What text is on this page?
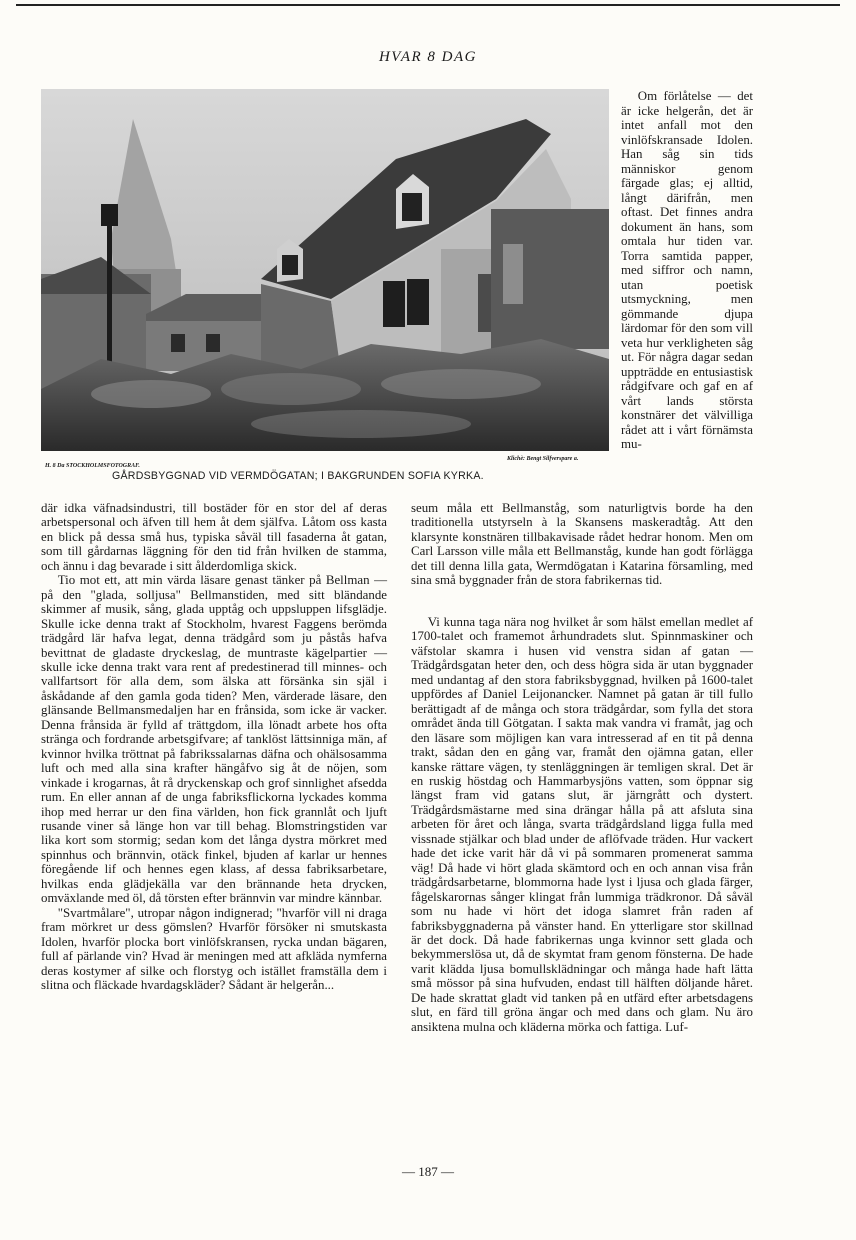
HVAR 8 DAG
H. 8 Da STOCKHOLMSFOTOGRAF.
Klichè: Bengt Silfverspare a.
GÅRDSBYGGNAD VID VERMDÖGATAN; I BAKGRUNDEN SOFIA KYRKA.

Om förlåtelse — det är icke helgerån, det är intet anfall mot den vinlöfskransade Idolen. Han såg sin tids människor genom färgade glas; ej alltid, långt därifrån, men oftast. Det finnes andra dokument än hans, som omtala hur tiden var. Torra samtida papper, med siffror och namn, utan poetisk utsmyckning, men gömmande djupa lärdomar för den som vill veta hur verkligheten såg ut. För några dagar sedan uppträdde en entusiastisk rådgifvare och gaf en af vårt lands största konstnärer det välvilliga rådet att i vårt förnämsta mu-

där idka väfnadsindustri, till bostäder för en stor del af deras arbetspersonal och äfven till hem åt dem själfva. Låtom oss kasta en blick på dessa små hus, typiska såväl till fasaderna åt gatan, som till gårdarnas läggning för den tid från hvilken de stamma, och ännu i dag bevarade i sitt ålderdomliga skick.

Tio mot ett, att min värda läsare genast tänker på Bellman — på den "glada, solljusa" Bellmanstiden, med sitt bländande skimmer af musik, sång, glada upptåg och uppsluppen lifsglädje. Skulle icke denna trakt af Stockholm, hvarest Faggens berömda trädgård lär hafva legat, denna trädgård som ju påstås hafva bevittnat de gladaste dryckeslag, de muntraste kägelpartier — skulle icke denna trakt vara rent af predestinerad till minnes- och vallfartsort för alla dem, som älska att försänka sin själ i åskådande af den gamla goda tiden? Men, värderade läsare, den glänsande Bellmansmedaljen har en frånsida, som icke är vacker. Denna frånsida är fylld af trättgdom, illa lönadt arbete hos ofta stränga och fordrande arbetsgifvare; af tanklöst lättsinniga män, af kvinnor hvilka tröttnat på fabrikssalarnas däfna och ohälsosamma luft och med alla sina krafter hängåfvo sig åt de nöjen, som vinkade i krogarnas, åt rå dryckenskap och grof sinnlighet afsedda rum. En eller annan af de unga fabriksflickorna lyckades komma ihop med herrar ur den fina världen, hon fick grannlåt och ljuft rusande viner så länge hon var till behag. Blomstringstiden var lika kort som stormig; sedan kom det långa dystra mörkret med spinnhus och brännvin, otäck finkel, bjuden af karlar ur hennes föregående lif och hennes egen klass, af dessa fabriksarbetare, hvilkas enda glädjekälla var den brännande heta drycken, omväxlande med öl, då törsten efter brännvin var mindre kännbar.

"Svartmålare", utropar någon indignerad; "hvarför vill ni draga fram mörkret ur dess gömslen? Hvarför försöker ni smutskasta Idolen, hvarför plocka bort vinlöfskransen, rycka undan bägaren, full af pärlande vin? Hvad är meningen med att afkläda nymferna deras kostymer af silke och florstyg och istället framställa dem i slitna och fläckade hvardagskläder? Sådant är helgerån...

seum måla ett Bellmanståg, som naturligtvis borde ha den traditionella utstyrseln à la Skansens maskeradtåg. Att den klarsynte konstnären tillbakavisade rådet hedrar honom. Men om Carl Larsson ville måla ett Bellmanståg, kunde han godt förlägga det till denna lilla gata, Wermdögatan i Katarina församling, med sina små byggnader från de stora fabrikernas tid.

Vi kunna taga nära nog hvilket år som hälst emellan medlet af 1700-talet och framemot århundradets slut. Spinnmaskiner och väfstolar skamra i husen vid venstra sidan af gatan — Trädgårdsgatan heter den, och dess högra sida är utan byggnader med undantag af den stora fabriksbyggnad, hvilken på 1600-talet uppfördes af Daniel Leijonancker. Namnet på gatan är till fullo berättigadt af de många och stora trädgårdar, som fylla det stora området ända till Götgatan. I sakta mak vandra vi framåt, jag och den läsare som möjligen kan vara intresserad af en tit på denna trakt, sådan den en gång var, framåt den ojämna gatan, eller kanske rättare vägen, ty stenläggningen är temligen skral. Det är en ruskig höstdag och Hammarbysjöns vatten, som öppnar sig längst fram vid gatans slut, är järngrått och dystert. Trädgårdsmästarne med sina drängar hålla på att afsluta sina arbeten för året och långa, svarta trädgårdsland ligga fulla med vissnade stjälkar och blad under de aflöfvade träden. Hur vackert hade det icke varit här då vi på sommaren promenerat samma väg! Då hade vi hört glada skämtord och en och annan visa från trädgårdsarbetarne, blommorna hade lyst i ljusa och glada färger, fågelskarornas sånger klingat från lummiga trädkronor. Då såväl som nu hade vi hört det idoga slamret från raden af fabriksbyggnaderna på vänster hand. En ytterligare stor skillnad är det dock. Då hade fabrikernas unga kvinnor sett glada och bekymmerslösa ut, då de skymtat fram genom fönsterna. De hade varit klädda ljusa bomullsklädningar och många hade haft lätta små mössor på sina hufvuden, endast till hälften döljande håret. De hade skrattat gladt vid tanken på en utfärd efter arbetsdagens slut, en färd till gröna ängar och med dans och glam. Nu äro ansiktena mulna och kläderna mörka och fattiga. Luf-

— 187 —
